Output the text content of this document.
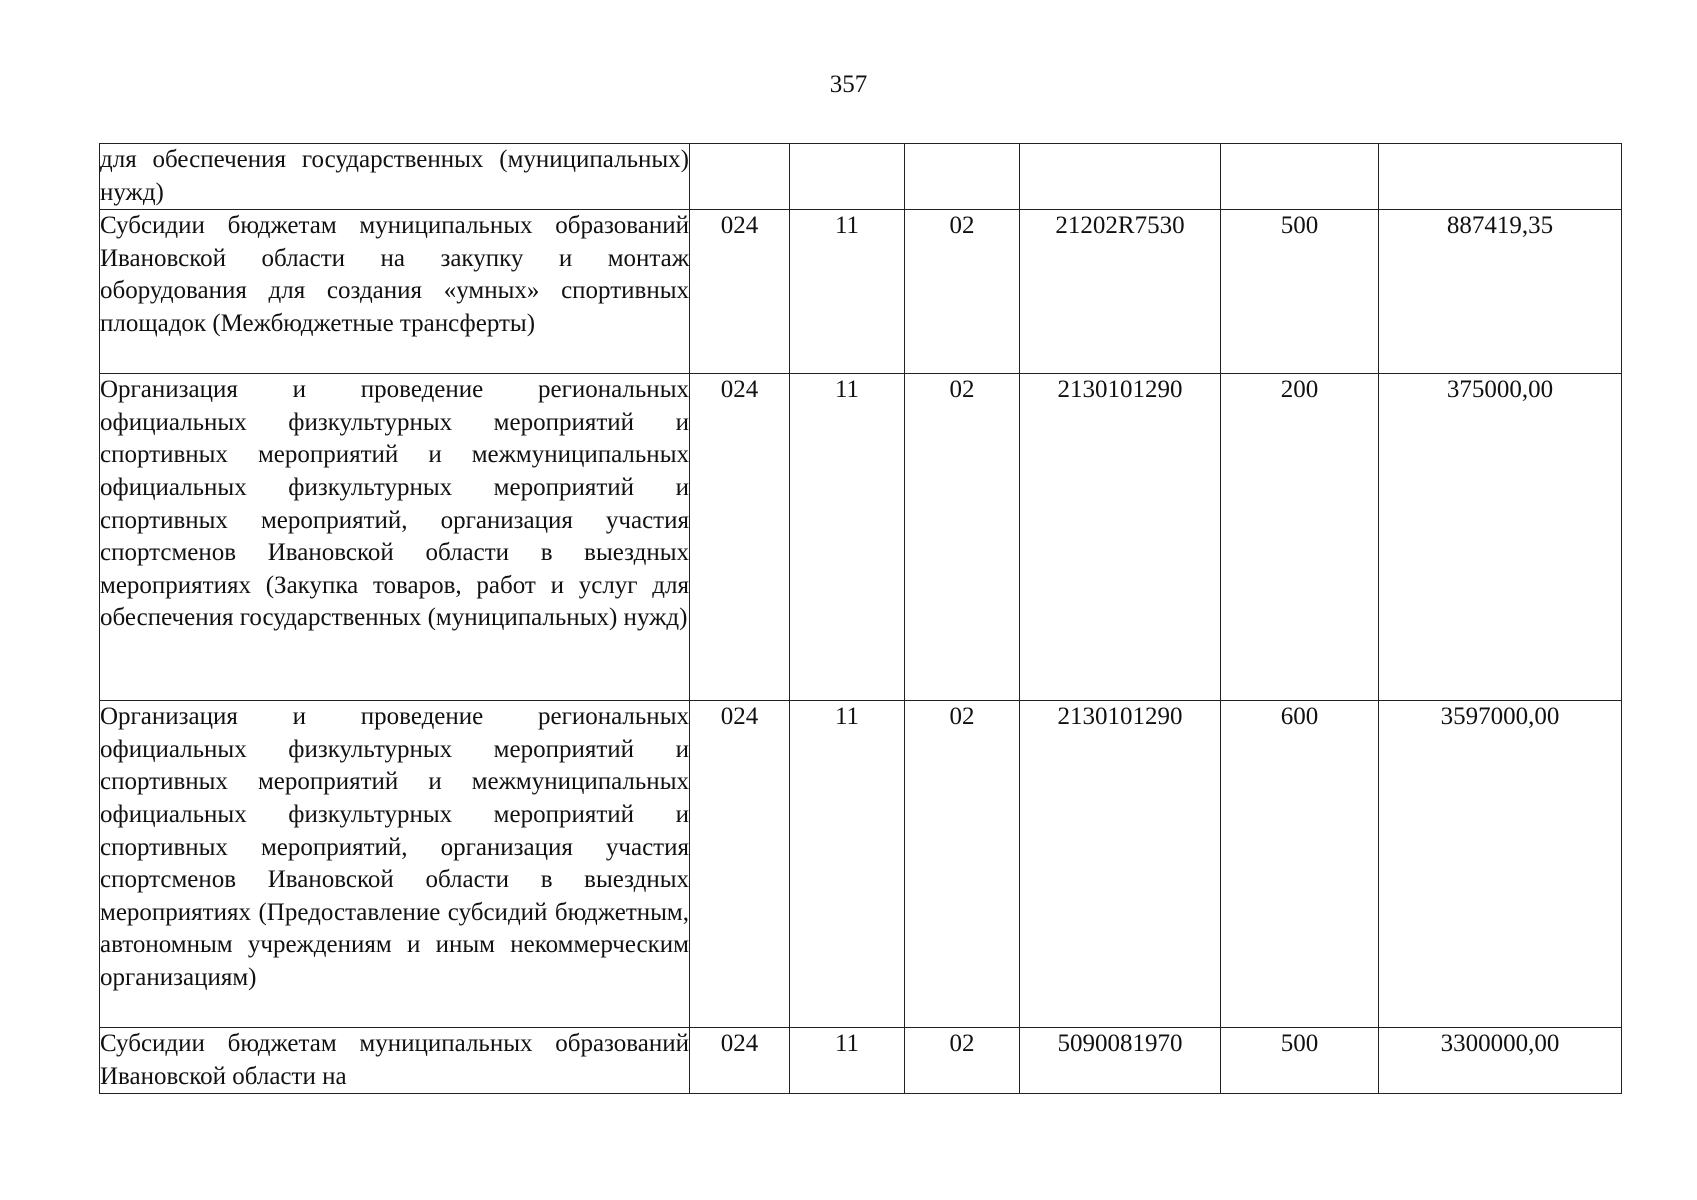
357
для обеспечения государственных (муниципальных) нужд)						
Субсидии бюджетам муниципальных образований Ивановской области на закупку и монтаж оборудования для создания «умных» спортивных площадок (Межбюджетные трансферты)	024	11	02	21202R7530	500	887419,35
Организация и проведение региональных официальных физкультурных мероприятий и спортивных мероприятий и межмуниципальных официальных физкультурных мероприятий и спортивных мероприятий, организация участия спортсменов Ивановской области в выездных мероприятиях (Закупка товаров, работ и услуг для обеспечения государственных (муниципальных) нужд)	024	11	02	2130101290	200	375000,00
Организация и проведение региональных официальных физкультурных мероприятий и спортивных мероприятий и межмуниципальных официальных физкультурных мероприятий и спортивных мероприятий, организация участия спортсменов Ивановской области в выездных мероприятиях (Предоставление субсидий бюджетным, автономным учреждениям и иным некоммерческим организациям)	024	11	02	2130101290	600	3597000,00
Субсидии бюджетам муниципальных образований Ивановской области на	024	11	02	5090081970	500	3300000,00
